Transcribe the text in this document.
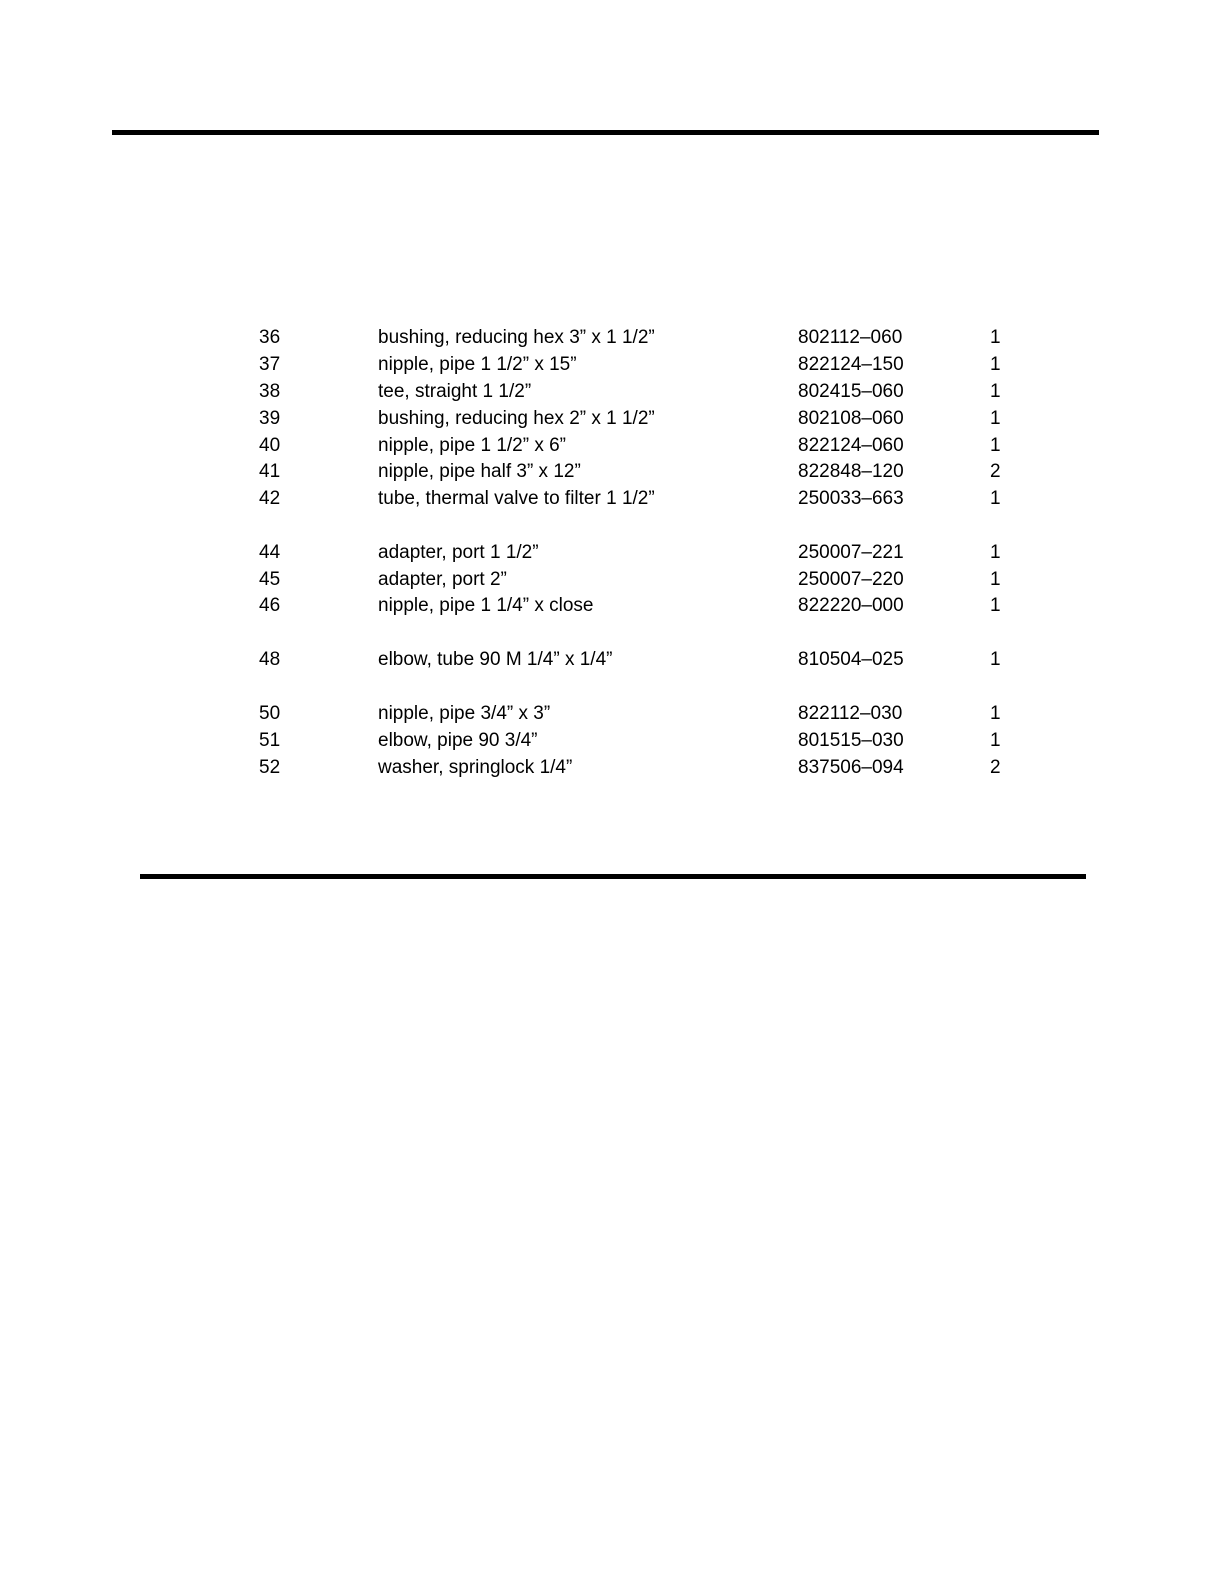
36	bushing, reducing hex 3” x 1 1/2”	802112–060	1
37	nipple, pipe 1 1/2” x 15”	822124–150	1
38	tee, straight 1 1/2”	802415–060	1
39	bushing, reducing hex 2” x 1 1/2”	802108–060	1
40	nipple, pipe 1 1/2” x 6”	822124–060	1
41	nipple, pipe half 3” x 12”	822848–120	2
42	tube, thermal valve to filter 1 1/2”	250033–663	1
44	adapter, port 1 1/2”	250007–221	1
45	adapter, port 2”	250007–220	1
46	nipple, pipe 1 1/4” x close	822220–000	1
48	elbow, tube 90 M 1/4” x 1/4”	810504–025	1
50	nipple, pipe 3/4” x 3”	822112–030	1
51	elbow, pipe 90 3/4”	801515–030	1
52	washer, springlock 1/4”	837506–094	2
